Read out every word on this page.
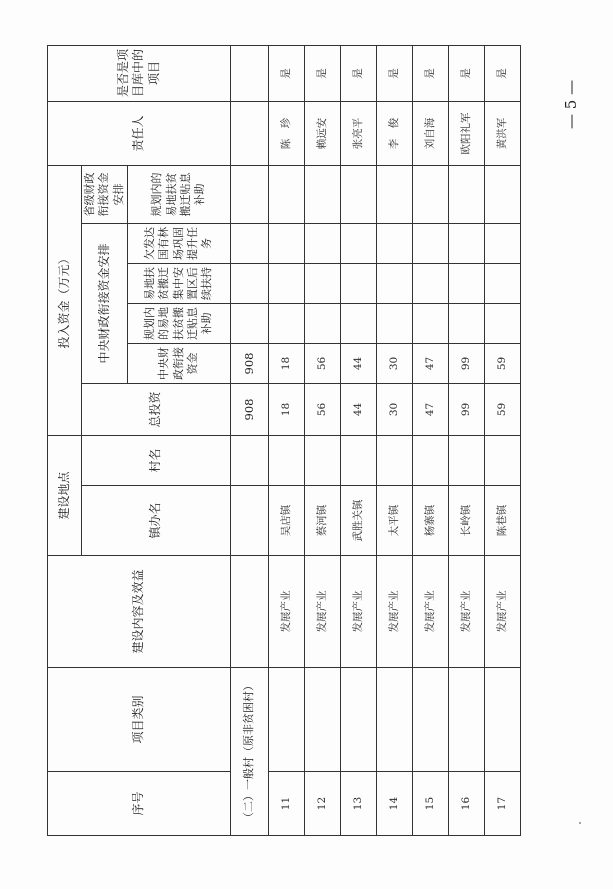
序号	项目类别	建设内容及效益	建设地点		投入资金（万元）						责任人	是否是项目库中的项目
			镇办名	村名	总投资	中央财政衔接资金安排				省级财政衔接资金安排		
						中央财政衔接资金	规划内的易地扶贫搬迁贴息补助	易地扶贫搬迁集中安置区后续扶持	欠发达国有林场巩固提升任务	规划内的易地扶贫搬迁贴息补助		
（二）一般村（原非贫困村）					908	908						
11		发展产业	吴店镇		18	18					陈　珍	是
12		发展产业	蔡河镇		56	56					赖远安	是
13		发展产业	武胜关镇		44	44					张亮平	是
14		发展产业	太平镇		30	30					李　俊	是
15		发展产业	杨寨镇		47	47					刘自海	是
16		发展产业	长岭镇		99	99					欧阳礼军	是
17		发展产业	陈巷镇		59	59					黄洪军	是
— 5 —
